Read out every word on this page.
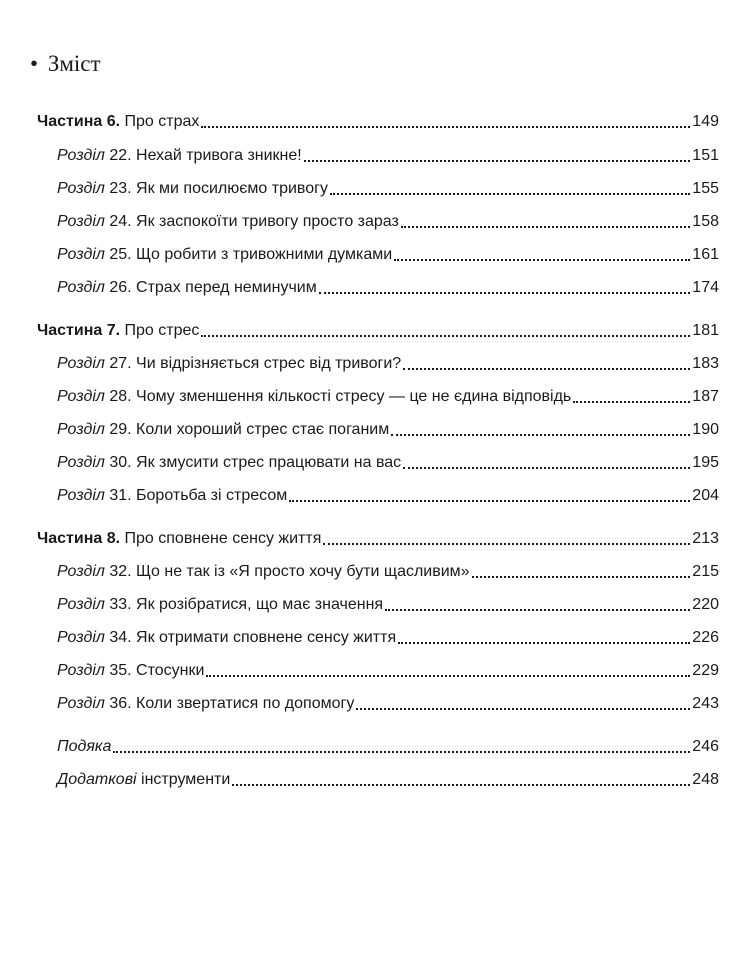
• Зміст
Частина 6. Про страх	149
Розділ 22. Нехай тривога зникне!	151
Розділ 23. Як ми посилюємо тривогу	155
Розділ 24. Як заспокоїти тривогу просто зараз	158
Розділ 25. Що робити з тривожними думками	161
Розділ 26. Страх перед неминучим	174
Частина 7. Про стрес	181
Розділ 27. Чи відрізняється стрес від тривоги?	183
Розділ 28. Чому зменшення кількості стресу — це не єдина відповідь	187
Розділ 29. Коли хороший стрес стає поганим	190
Розділ 30. Як змусити стрес працювати на вас	195
Розділ 31. Боротьба зі стресом	204
Частина 8. Про сповнене сенсу життя	213
Розділ 32. Що не так із «Я просто хочу бути щасливим»	215
Розділ 33. Як розібратися, що має значення	220
Розділ 34. Як отримати сповнене сенсу життя	226
Розділ 35. Стосунки	229
Розділ 36. Коли звертатися по допомогу	243
Подяка	246
Додаткові інструменти	248
